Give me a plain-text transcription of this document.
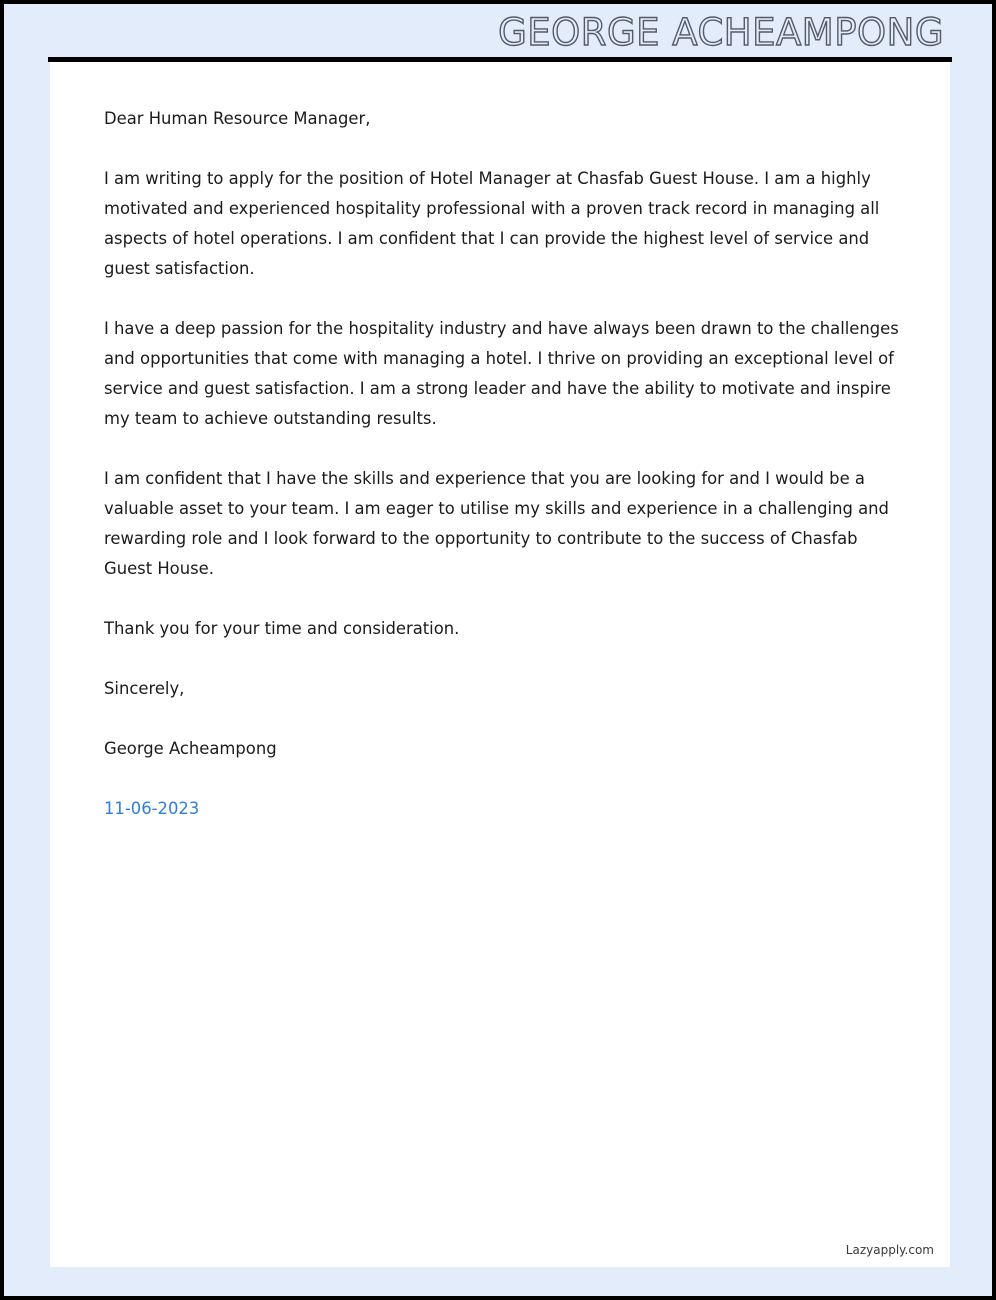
GEORGE ACHEAMPONG

Dear Human Resource Manager,

I am writing to apply for the position of Hotel Manager at Chasfab Guest House. I am a highly motivated and experienced hospitality professional with a proven track record in managing all aspects of hotel operations. I am confident that I can provide the highest level of service and guest satisfaction.

I have a deep passion for the hospitality industry and have always been drawn to the challenges and opportunities that come with managing a hotel. I thrive on providing an exceptional level of service and guest satisfaction. I am a strong leader and have the ability to motivate and inspire my team to achieve outstanding results.

I am confident that I have the skills and experience that you are looking for and I would be a valuable asset to your team. I am eager to utilise my skills and experience in a challenging and rewarding role and I look forward to the opportunity to contribute to the success of Chasfab Guest House.

Thank you for your time and consideration.

Sincerely,

George Acheampong

11-06-2023

Lazyapply.com
